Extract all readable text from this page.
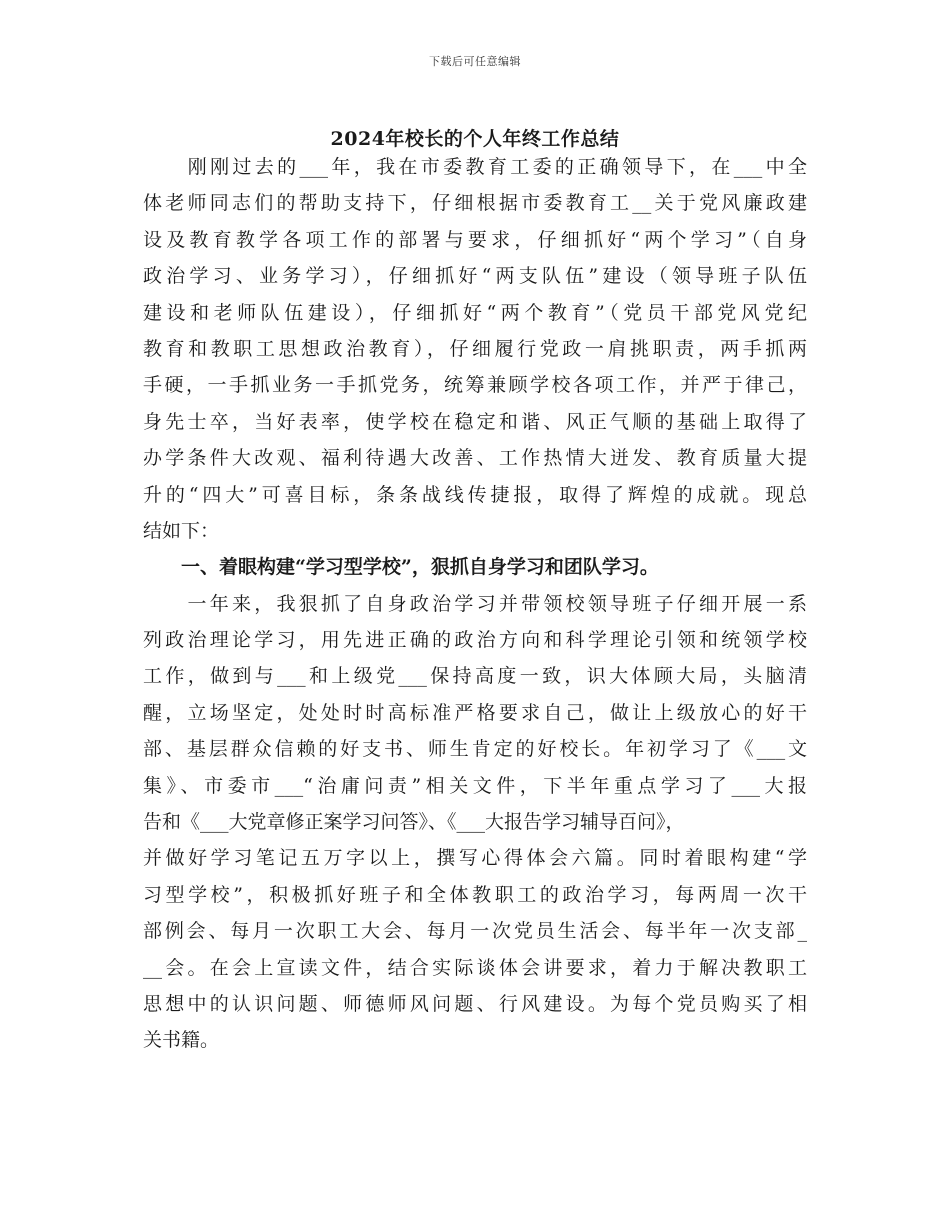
下载后可任意编辑
2024年校长的个人年终工作总结
　　刚刚过去的___年，我在市委教育工委的正确领导下，在___中全
体老师同志们的帮助支持下，仔细根据市委教育工__关于党风廉政建
设及教育教学各项工作的部署与要求，仔细抓好“两个学习”（自身
政治学习、业务学习），仔细抓好“两支队伍”建设（领导班子队伍
建设和老师队伍建设），仔细抓好“两个教育”（党员干部党风党纪
教育和教职工思想政治教育），仔细履行党政一肩挑职责，两手抓两
手硬，一手抓业务一手抓党务，统筹兼顾学校各项工作，并严于律己，
身先士卒，当好表率，使学校在稳定和谐、风正气顺的基础上取得了
办学条件大改观、福利待遇大改善、工作热情大迸发、教育质量大提
升的“四大”可喜目标，条条战线传捷报，取得了辉煌的成就。现总
结如下：
　　一、着眼构建“学习型学校”，狠抓自身学习和团队学习。
　　一年来，我狠抓了自身政治学习并带领校领导班子仔细开展一系
列政治理论学习，用先进正确的政治方向和科学理论引领和统领学校
工作，做到与___和上级党___保持高度一致，识大体顾大局，头脑清
醒，立场坚定，处处时时高标准严格要求自己，做让上级放心的好干
部、基层群众信赖的好支书、师生肯定的好校长。年初学习了《___文
集》、市委市___“治庸问责”相关文件，下半年重点学习了___大报
告和《___大党章修正案学习问答》、《___大报告学习辅导百问》，
并做好学习笔记五万字以上，撰写心得体会六篇。同时着眼构建“学
习型学校”，积极抓好班子和全体教职工的政治学习，每两周一次干
部例会、每月一次职工大会、每月一次党员生活会、每半年一次支部_
__会。在会上宣读文件，结合实际谈体会讲要求，着力于解决教职工
思想中的认识问题、师德师风问题、行风建设。为每个党员购买了相
关书籍。
